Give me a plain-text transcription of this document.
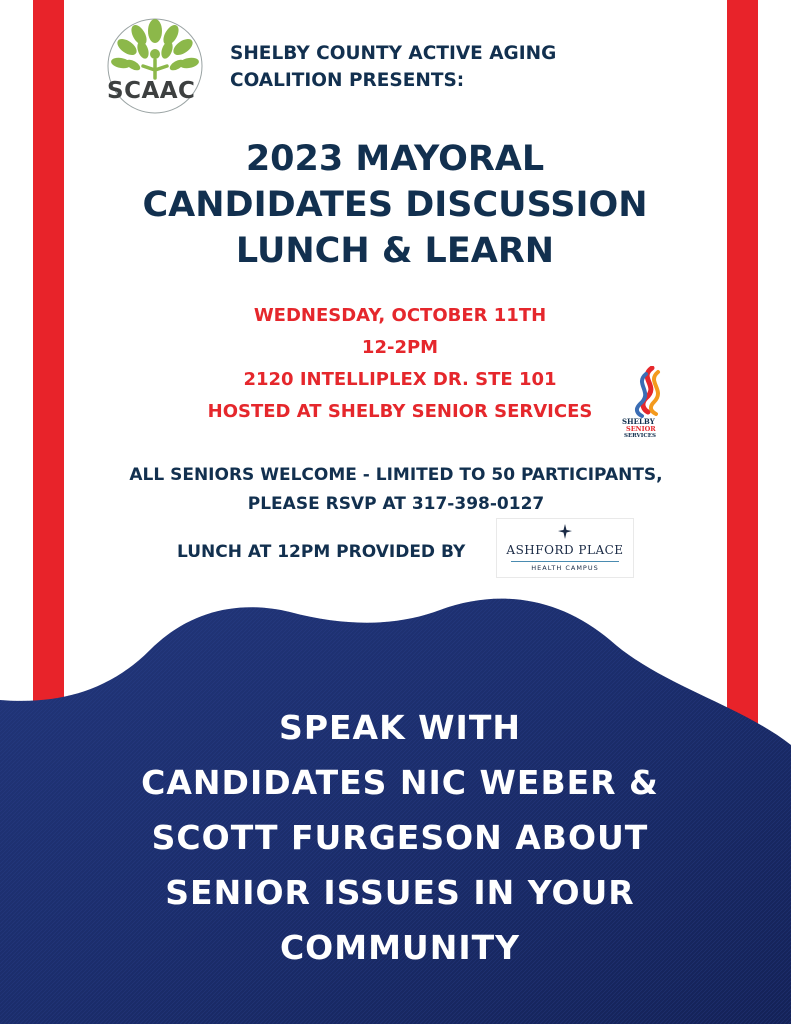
SCAAC
SHELBY COUNTY ACTIVE AGING
COALITION PRESENTS:
2023 MAYORAL
CANDIDATES DISCUSSION
LUNCH & LEARN
WEDNESDAY, OCTOBER 11TH
12-2PM
2120 INTELLIPLEX DR. STE 101
HOSTED AT SHELBY SENIOR SERVICES	SHELBY
SENIOR
SERVICES
ALL SENIORS WELCOME - LIMITED TO 50 PARTICIPANTS,
PLEASE RSVP AT 317-398-0127
LUNCH AT 12PM PROVIDED BY	ASHFORD PLACE
HEALTH CAMPUS
SPEAK WITH
CANDIDATES NIC WEBER &
SCOTT FURGESON ABOUT
SENIOR ISSUES IN YOUR
COMMUNITY
